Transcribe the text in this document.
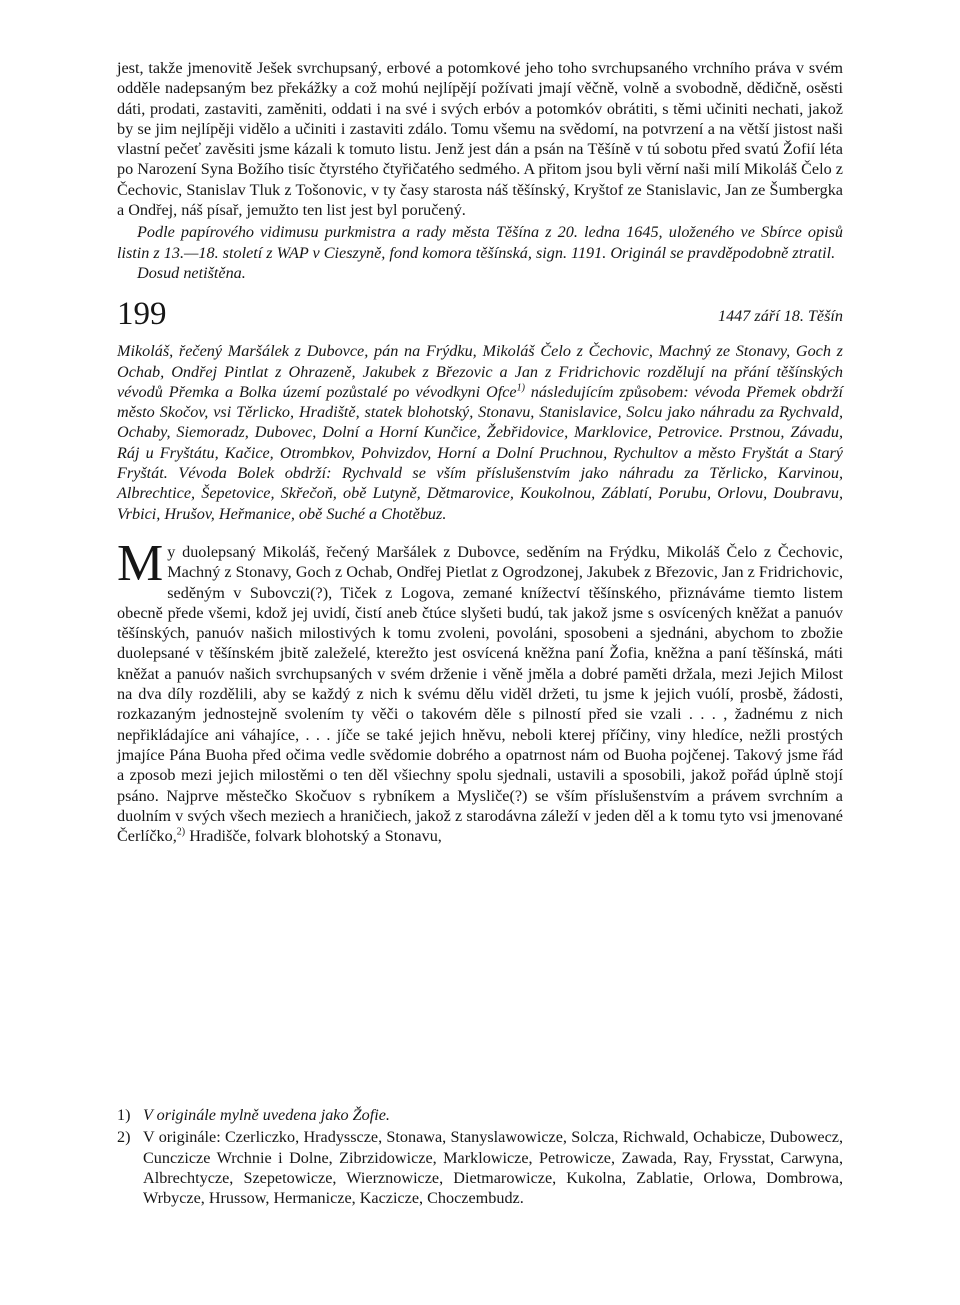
jest, takže jmenovitě Ješek svrchupsaný, erbové a potomkové jeho toho svrchupsaného vrchního práva v svém odděle nadepsaným bez překážky a což mohú nejlípějí požívati jmají věčně, volně a svobodně, dědičně, osěsti dáti, prodati, zastaviti, zaměniti, oddati i na své i svých erbóv a potomkóv obrátiti, s těmi učiniti nechati, jakož by se jim nejlípěji vidělo a učiniti i zastaviti zdálo. Tomu všemu na svědomí, na potvrzení a na větší jistost naši vlastní pečeť zavěsiti jsme kázali k tomuto listu. Jenž jest dán a psán na Těšíně v tú sobotu před svatú Žofií léta po Narození Syna Božího tisíc čtyrstého čtyřičatého sedmého. A přitom jsou byli věrní naši milí Mikoláš Čelo z Čechovic, Stanislav Tluk z Tošonovic, v ty časy starosta náš těšínský, Kryštof ze Stanislavic, Jan ze Šumbergka a Ondřej, náš písař, jemužto ten list jest byl poručený.

Podle papírového vidimusu purkmistra a rady města Těšína z 20. ledna 1645, uloženého ve Sbírce opisů listin z 13.—18. století z WAP v Cieszyně, fond komora těšínská, sign. 1191. Originál se pravděpodobně ztratil.

Dosud netištěna.

199	1447 září 18. Těšín

Mikoláš, řečený Maršálek z Dubovce, pán na Frýdku, Mikoláš Čelo z Čechovic, Machný ze Stonavy, Goch z Ochab, Ondřej Pintlat z Ohrazeně, Jakubek z Březovic a Jan z Fridrichovic rozdělují na přání těšínských vévodů Přemka a Bolka území pozůstalé po vévodkyni Ofce$^{1)}$ následujícím způsobem: vévoda Přemek obdrží město Skočov, vsi Těrlicko, Hradiště, statek blohotský, Stonavu, Stanislavice, Solcu jako náhradu za Rychvald, Ochaby, Siemoradz, Dubovec, Dolní a Horní Kunčice, Žebřidovice, Marklovice, Petrovice. Prstnou, Závadu, Ráj u Fryštátu, Kačice, Otrombkov, Pohvizdov, Horní a Dolní Pruchnou, Rychultov a město Fryštát a Starý Fryštát. Vévoda Bolek obdrží: Rychvald se vším příslušenstvím jako náhradu za Těrlicko, Karvinou, Albrechtice, Šepetovice, Skřečoň, obě Lutyně, Dětmarovice, Koukolnou, Záblatí, Porubu, Orlovu, Doubravu, Vrbici, Hrušov, Heřmanice, obě Suché a Chotěbuz.

My duolepsaný Mikoláš, řečený Maršálek z Dubovce, seděním na Frýdku, Mikoláš Čelo z Čechovic, Machný z Stonavy, Goch z Ochab, Ondřej Pietlat z Ogrodzonej, Jakubek z Březovic, Jan z Fridrichovic, seděným v Subovczi(?), Tiček z Logova, zemané knížectví těšínského, přiznáváme tiemto listem obecně přede všemi, kdož jej uvidí, čistí aneb čtúce slyšeti budú, tak jakož jsme s osvícených kněžat a panuóv těšínských, panuóv našich milostivých k tomu zvoleni, povoláni, sposobeni a sjednáni, abychom to zbožie duolepsané v těšínském jbitě zaleželé, kterežto jest osvícená kněžna paní Žofia, kněžna a paní těšínská, máti kněžat a panuóv našich svrchupsaných v svém drženie i věně jměla a dobré paměti držala, mezi Jejich Milost na dva díly rozdělili, aby se každý z nich k svému dělu viděl držeti, tu jsme k jejich vuólí, prosbě, žádosti, rozkazaným jednostejně svolením ty věči o takovém děle s pilností před sie vzali . . . , žadnému z nich nepřikládajíce ani váhajíce, . . . jíče se také jejich hněvu, neboli kterej příčiny, viny hledíce, nežli prostých jmajíce Pána Buoha před očima vedle svědomie dobrého a opatrnost nám od Buoha pojčenej. Takový jsme řád a zposob mezi jejich milostěmi o ten děl všiechny spolu sjednali, ustavili a sposobili, jakož pořád úplně stojí psáno. Najprve městečko Skočuov s rybníkem a Mysliče(?) se vším příslušenstvím a právem svrchním a duolním v svých všech meziech a hraničiech, jakož z starodávna záleží v jeden děl a k tomu tyto vsi jmenované Čerlíčko,$^{2)}$ Hradišče, folvark blohotský a Stonavu,

1) V originále mylně uvedena jako Žofie.

2) V originále: Czerliczko, Hradysscze, Stonawa, Stanyslawowicze, Solcza, Richwald, Ochabicze, Dubowecz, Cunczicze Wrchnie i Dolne, Zibrzidowicze, Marklowicze, Petrowicze, Zawada, Ray, Frysstat, Carwyna, Albrechtycze, Szepetowicze, Wierznowicze, Dietmarowicze, Kukolna, Zablatie, Orlowa, Dombrowa, Wrbycze, Hrussow, Hermanicze, Kaczicze, Choczembudz.
